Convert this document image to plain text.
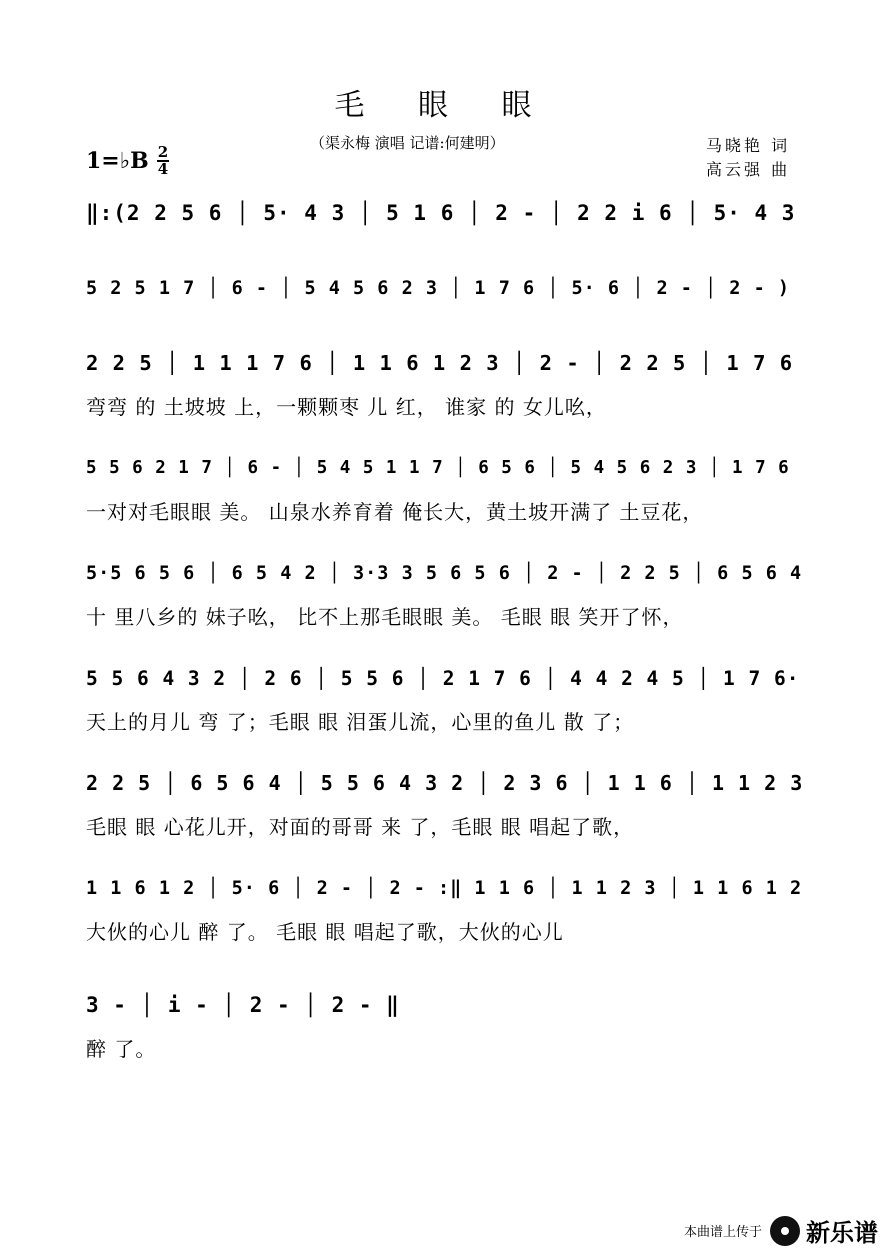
毛 眼 眼
（渠永梅 演唱 记谱:何建明）	马晓艳 词
高云强 曲
1=♭B 2
4
‖:(2 2 5 6 │ 5· 4 3 │ 5 1 6 │ 2 - │ 2 2 i 6 │ 5· 4 3
5 2 5 1 7 │ 6 - │ 5 4 5 6 2 3 │ 1 7 6 │ 5· 6 │ 2 - │ 2 - )
2 2 5 │ 1 1 1 7 6 │ 1 1 6 1 2 3 │ 2 - │ 2 2 5 │ 1 7 6
弯弯 的 土坡坡 上，一颗颗枣 儿 红， 谁家 的 女儿吆，
5 5 6 2 1 7 │ 6 - │ 5 4 5 1 1 7 │ 6 5 6 │ 5 4 5 6 2 3 │ 1 7 6
一对对毛眼眼 美。 山泉水养育着 俺长大，黄土坡开满了 土豆花，
5·5 6 5 6 │ 6 5 4 2 │ 3·3 3 5 6 5 6 │ 2 - │ 2 2 5 │ 6 5 6 4
十 里八乡的 妹子吆， 比不上那毛眼眼 美。 毛眼 眼 笑开了怀，
5 5 6 4 3 2 │ 2 6 │ 5 5 6 │ 2 1 7 6 │ 4 4 2 4 5 │ 1 7 6·
天上的月儿 弯 了；毛眼 眼 泪蛋儿流，心里的鱼儿 散 了；
2 2 5 │ 6 5 6 4 │ 5 5 6 4 3 2 │ 2 3 6 │ 1 1 6 │ 1 1 2 3
毛眼 眼 心花儿开，对面的哥哥 来 了，毛眼 眼 唱起了歌，
1 1 6 1 2 │ 5· 6 │ 2 - │ 2 - :‖ 1 1 6 │ 1 1 2 3 │ 1 1 6 1 2
大伙的心儿 醉 了。 毛眼 眼 唱起了歌，大伙的心儿
3 - │ i - │ 2 - │ 2 - ‖
醉 了。
本曲谱上传于 新乐谱
